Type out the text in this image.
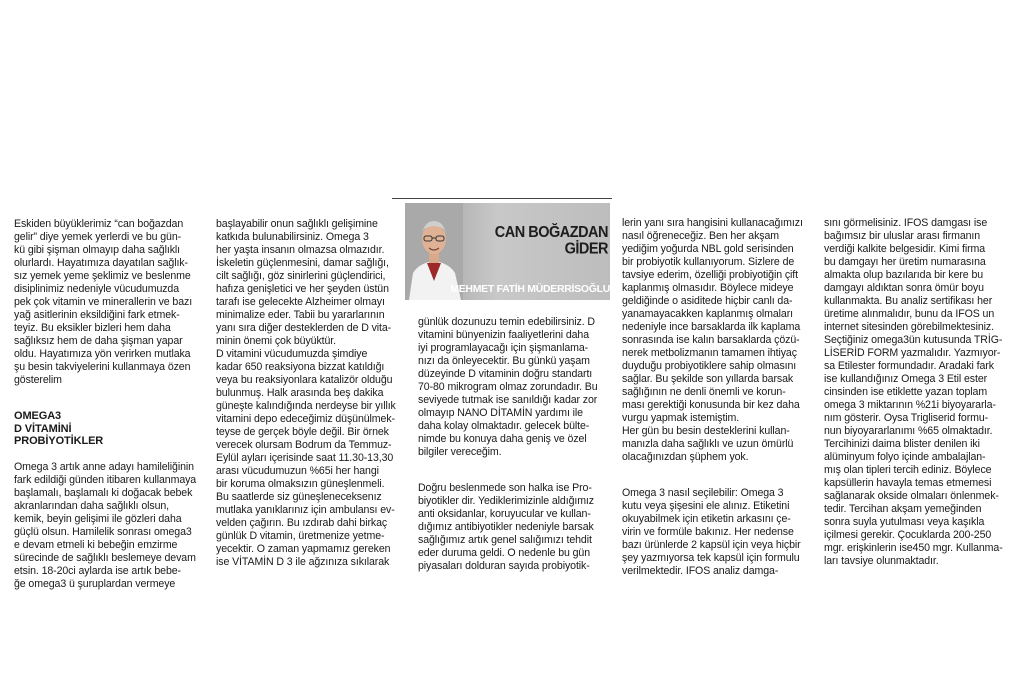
CAN BOĞAZDAN GİDER
MEHMET FATİH MÜDERRİSOĞLU

Eskiden büyüklerimiz “can boğazdan
gelir” diye yemek yerlerdi ve bu gün-
kü gibi şişman olmayıp daha sağlıklı
olurlardı. Hayatımıza dayatılan sağlık-
sız yemek yeme şeklimiz ve beslenme
disiplinimiz nedeniyle vücudumuzda
pek çok vitamin ve minerallerin ve bazı
yağ asitlerinin eksildiğini fark etmek-
teyiz. Bu eksikler bizleri hem daha
sağlıksız hem de daha şişman yapar
oldu. Hayatımıza yön verirken mutlaka
şu besin takviyelerini kullanmaya özen
gösterelim

OMEGA3
D VİTAMİNİ
PROBİYOTİKLER

Omega 3 artık anne adayı hamileliğinin
fark edildiği günden itibaren kullanmaya
başlamalı, başlamalı ki doğacak bebek
akranlarından daha sağlıklı olsun,
kemik, beyin gelişimi ile gözleri daha
güçlü olsun. Hamilelik sonrası omega3
e devam etmeli ki bebeğin emzirme
sürecinde de sağlıklı beslemeye devam
etsin. 18-20ci aylarda ise artık bebe-
ğe omega3 ü şuruplardan vermeye

başlayabilir onun sağlıklı gelişimine
katkıda bulunabilirsiniz. Omega 3
her yaşta insanın olmazsa olmazıdır.
İskeletin güçlenmesini, damar sağlığı,
cilt sağlığı, göz sinirlerini güçlendirici,
hafıza genişletici ve her şeyden üstün
tarafı ise gelecekte Alzheimer olmayı
minimalize eder. Tabii bu yararlarının
yanı sıra diğer desteklerden de D vita-
minin önemi çok büyüktür.
D vitamini vücudumuzda şimdiye
kadar 650 reaksiyona bizzat katıldığı
veya bu reaksiyonlara katalizör olduğu
bulunmuş. Halk arasında beş dakika
güneşte kalındığında nerdeyse bir yıllık
vitamini depo edeceğimiz düşünülmek-
teyse de gerçek böyle değil. Bir örnek
verecek olursam Bodrum da Temmuz-
Eylül ayları içerisinde saat 11.30-13,30
arası vücudumuzun %65i her hangi
bir koruma olmaksızın güneşlenmeli.
Bu saatlerde siz güneşleneceksenız
mutlaka yanıklarınız için ambulansı ev-
velden çağırın. Bu ızdırab dahi birkaç
günlük D vitamin, üretmenize yetme-
yecektir. O zaman yapmamız gereken
ise VİTAMİN D 3 ile ağzınıza sıkılarak

günlük dozunuzu temin edebilirsiniz. D
vitamini bünyenizin faaliyetlerini daha
iyi programlayacağı için şişmanlama-
nızı da önleyecektir. Bu günkü yaşam
düzeyinde D vitaminin doğru standartı
70-80 mikrogram olmaz zorundadır. Bu
seviyede tutmak ise sanıldığı kadar zor
olmayıp NANO DİTAMİN yardımı ile
daha kolay olmaktadır. gelecek bülte-
nimde bu konuya daha geniş ve özel
bilgiler vereceğim.

Doğru beslenmede son halka ise Pro-
biyotikler dir. Yediklerimizinle aldığımız
anti oksidanlar, koruyucular ve kullan-
dığımız antibiyotikler nedeniyle barsak
sağlığımız artık genel salığımızı tehdit
eder duruma geldi. O nedenle bu gün
piyasaları dolduran sayıda probiyotik-

lerin yanı sıra hangisini kullanacağımızı
nasıl öğreneceğiz. Ben her akşam
yediğim yoğurda NBL gold serisinden
bir probiyotik kullanıyorum. Sizlere de
tavsiye ederim, özelliği probiyotiğin çift
kaplanmış olmasıdır. Böylece mideye
geldiğinde o asiditede hiçbir canlı da-
yanamayacakken kaplanmış olmaları
nedeniyle ince barsaklarda ilk kaplama
sonrasında ise kalın barsaklarda çözü-
nerek metbolizmanın tamamen ihtiyaç
duyduğu probiyotiklere sahip olmasını
sağlar. Bu şekilde son yıllarda barsak
sağlığının ne denli önemli ve korun-
ması gerektiği konusunda bir kez daha
vurgu yapmak istemiştim.
Her gün bu besin desteklerini kullan-
manızla daha sağlıklı ve uzun ömürlü
olacağınızdan şüphem yok.

Omega 3 nasıl seçilebilir: Omega 3
kutu veya şişesini ele alınız. Etiketini
okuyabilmek için etiketin arkasını çe-
virin ve formüle bakınız. Her nedense
bazı ürünlerde 2 kapsül için veya hiçbir
şey yazmıyorsa tek kapsül için formulu
verilmektedir. IFOS analiz damga-

sını görmelisiniz. IFOS damgası ise
bağımsız bir uluslar arası firmanın
verdiği kalkite belgesidir. Kimi firma
bu damgayı her üretim numarasına
almakta olup bazılarıda bir kere bu
damgayı aldıktan sonra ömür boyu
kullanmakta. Bu analiz sertifikası her
üretime alınmalıdır, bunu da IFOS un
internet sitesinden görebilmektesiniz.
Seçtiğiniz omega3ün kutusunda TRİG-
LİSERİD FORM yazmalıdır. Yazmıyor-
sa Etilester formundadır. Aradaki fark
ise kullandığınız Omega 3 Etil ester
cinsinden ise etiklette yazan toplam
omega 3 miktarının %21i biyoyararla-
nım gösterir. Oysa Trigliserid formu-
nun biyoyararlanımı %65 olmaktadır.
Tercihinizi daima blister denilen iki
alüminyum folyo içinde ambalajlan-
mış olan tipleri tercih ediniz. Böylece
kapsüllerin havayla temas etmemesi
sağlanarak okside olmaları önlenmek-
tedir. Tercihan akşam yemeğinden
sonra suyla yutulması veya kaşıkla
içilmesi gerekir. Çocuklarda 200-250
mgr. erişkinlerin ise450 mgr. Kullanma-
ları tavsiye olunmaktadır.
